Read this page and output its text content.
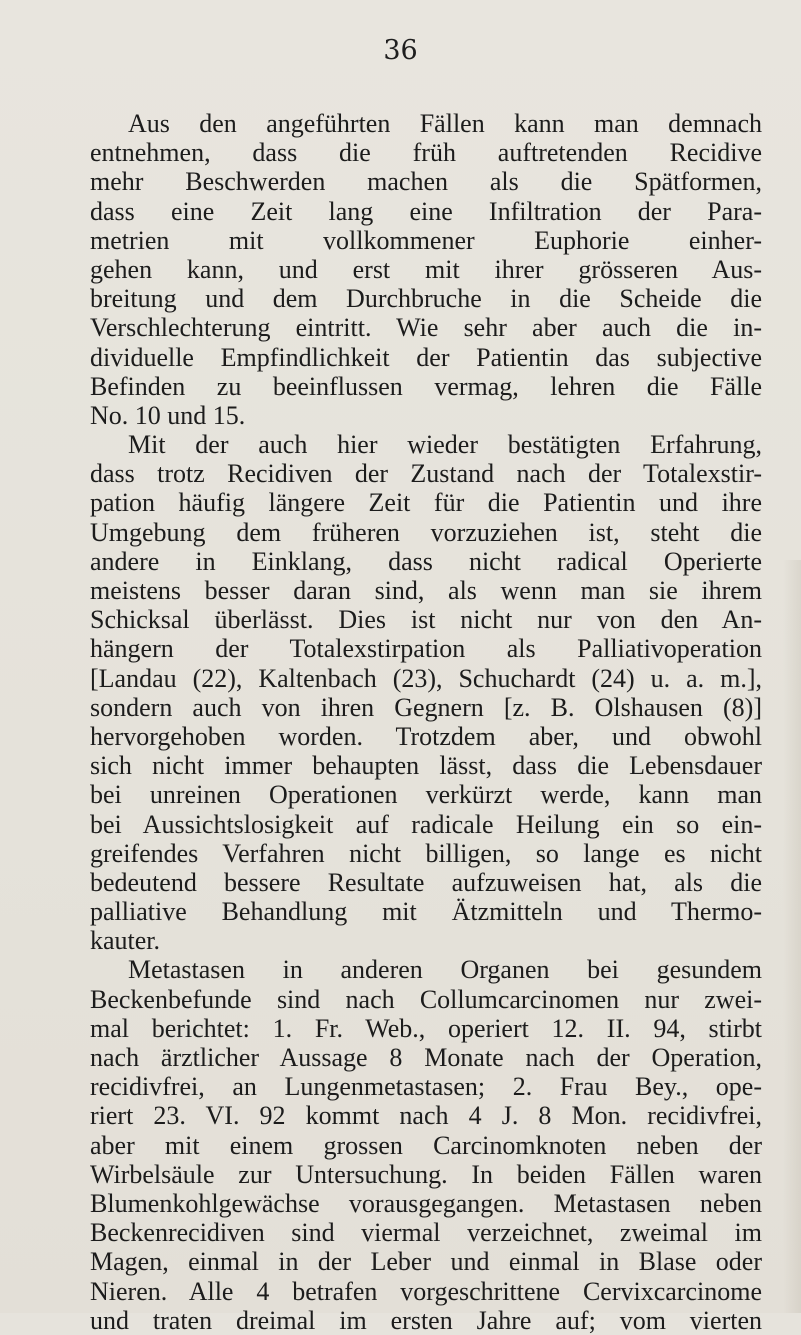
36
Aus den angeführten Fällen kann man demnach
entnehmen, dass die früh auftretenden Recidive
mehr Beschwerden machen als die Spätformen,
dass eine Zeit lang eine Infiltration der Para-
metrien mit vollkommener Euphorie einher-
gehen kann, und erst mit ihrer grösseren Aus-
breitung und dem Durchbruche in die Scheide die
Verschlechterung eintritt. Wie sehr aber auch die in-
dividuelle Empfindlichkeit der Patientin das subjective
Befinden zu beeinflussen vermag, lehren die Fälle
No. 10 und 15.
Mit der auch hier wieder bestätigten Erfahrung,
dass trotz Recidiven der Zustand nach der Totalexstir-
pation häufig längere Zeit für die Patientin und ihre
Umgebung dem früheren vorzuziehen ist, steht die
andere in Einklang, dass nicht radical Operierte
meistens besser daran sind, als wenn man sie ihrem
Schicksal überlässt. Dies ist nicht nur von den An-
hängern der Totalexstirpation als Palliativoperation
[Landau (22), Kaltenbach (23), Schuchardt (24) u. a. m.],
sondern auch von ihren Gegnern [z. B. Olshausen (8)]
hervorgehoben worden. Trotzdem aber, und obwohl
sich nicht immer behaupten lässt, dass die Lebensdauer
bei unreinen Operationen verkürzt werde, kann man
bei Aussichtslosigkeit auf radicale Heilung ein so ein-
greifendes Verfahren nicht billigen, so lange es nicht
bedeutend bessere Resultate aufzuweisen hat, als die
palliative Behandlung mit Ätzmitteln und Thermo-
kauter.
Metastasen in anderen Organen bei gesundem
Beckenbefunde sind nach Collumcarcinomen nur zwei-
mal berichtet: 1. Fr. Web., operiert 12. II. 94, stirbt
nach ärztlicher Aussage 8 Monate nach der Operation,
recidivfrei, an Lungenmetastasen; 2. Frau Bey., ope-
riert 23. VI. 92 kommt nach 4 J. 8 Mon. recidivfrei,
aber mit einem grossen Carcinomknoten neben der
Wirbelsäule zur Untersuchung. In beiden Fällen waren
Blumenkohlgewächse vorausgegangen. Metastasen neben
Beckenrecidiven sind viermal verzeichnet, zweimal im
Magen, einmal in der Leber und einmal in Blase oder
Nieren. Alle 4 betrafen vorgeschrittene Cervixcarcinome
und traten dreimal im ersten Jahre auf; vom vierten
